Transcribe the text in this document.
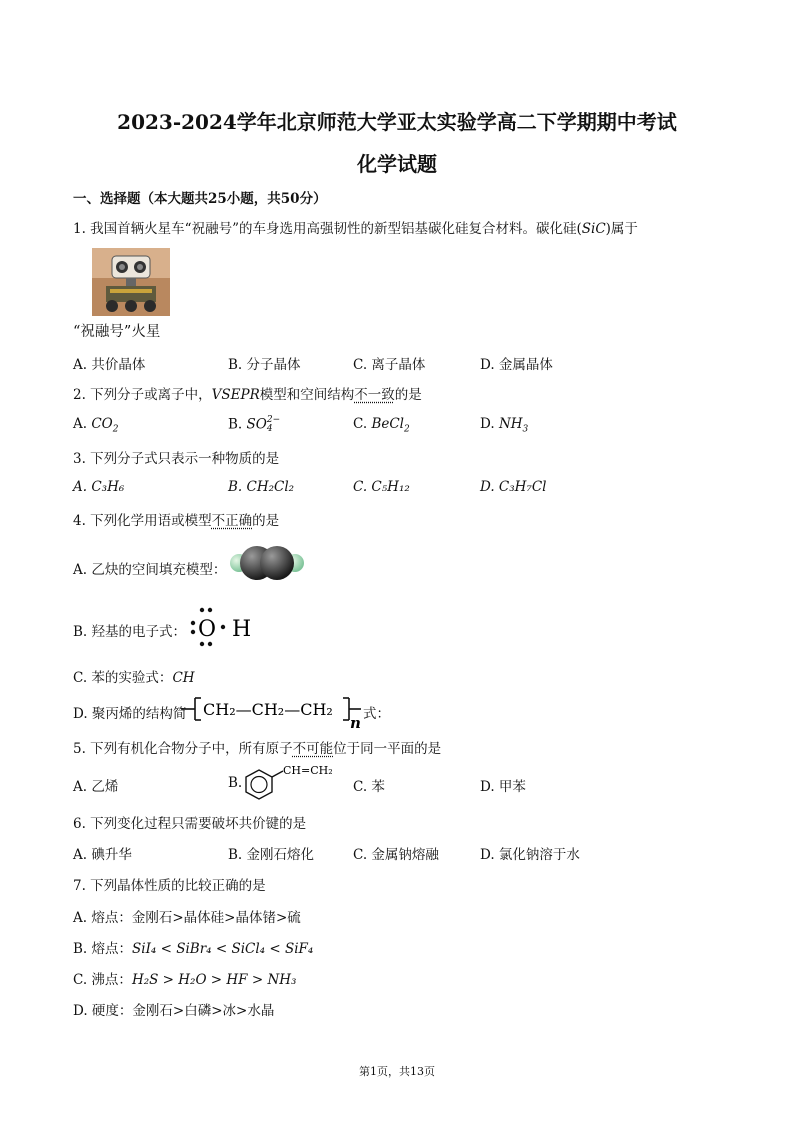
2023-2024学年北京师范大学亚太实验学高二下学期期中考试
化学试题
一、选择题（本大题共25小题，共50分）
1. 我国首辆火星车“祝融号”的车身选用高强韧性的新型铝基碳化硅复合材料。碳化硅(SiC)属于
“祝融号”火星
A. 共价晶体	B. 分子晶体	C. 离子晶体	D. 金属晶体
2. 下列分子或离子中，VSEPR模型和空间结构不一致的是
A. $CO_2$	B. SO 2−
4	C. BeCl$_2$	D. $NH_3$
3. 下列分子式只表示一种物质的是
A. C₃H₆	B. CH₂Cl₂	C. C₅H₁₂	D. C₃H₇Cl
4. 下列化学用语或模型不正确的是
A. 乙炔的空间填充模型：
B. 羟基的电子式： O H
C. 苯的实验式：CH
D. 聚丙烯的结构简 CH₂—CH₂—CH₂
n 式：
5. 下列有机化合物分子中，所有原子不可能位于同一平面的是
A. 乙烯	B.
CH=CH₂
C. 苯	D. 甲苯
6. 下列变化过程只需要破坏共价键的是
A. 碘升华	B. 金刚石熔化	C. 金属钠熔融	D. 氯化钠溶于水
7. 下列晶体性质的比较正确的是
A. 熔点：金刚石>晶体硅>晶体锗>硫
B. 熔点：SiI₄ < SiBr₄ < SiCl₄ < SiF₄
C. 沸点：H₂S > H₂O > HF > NH₃
D. 硬度：金刚石>白磷>冰>水晶
第1页，共13页
